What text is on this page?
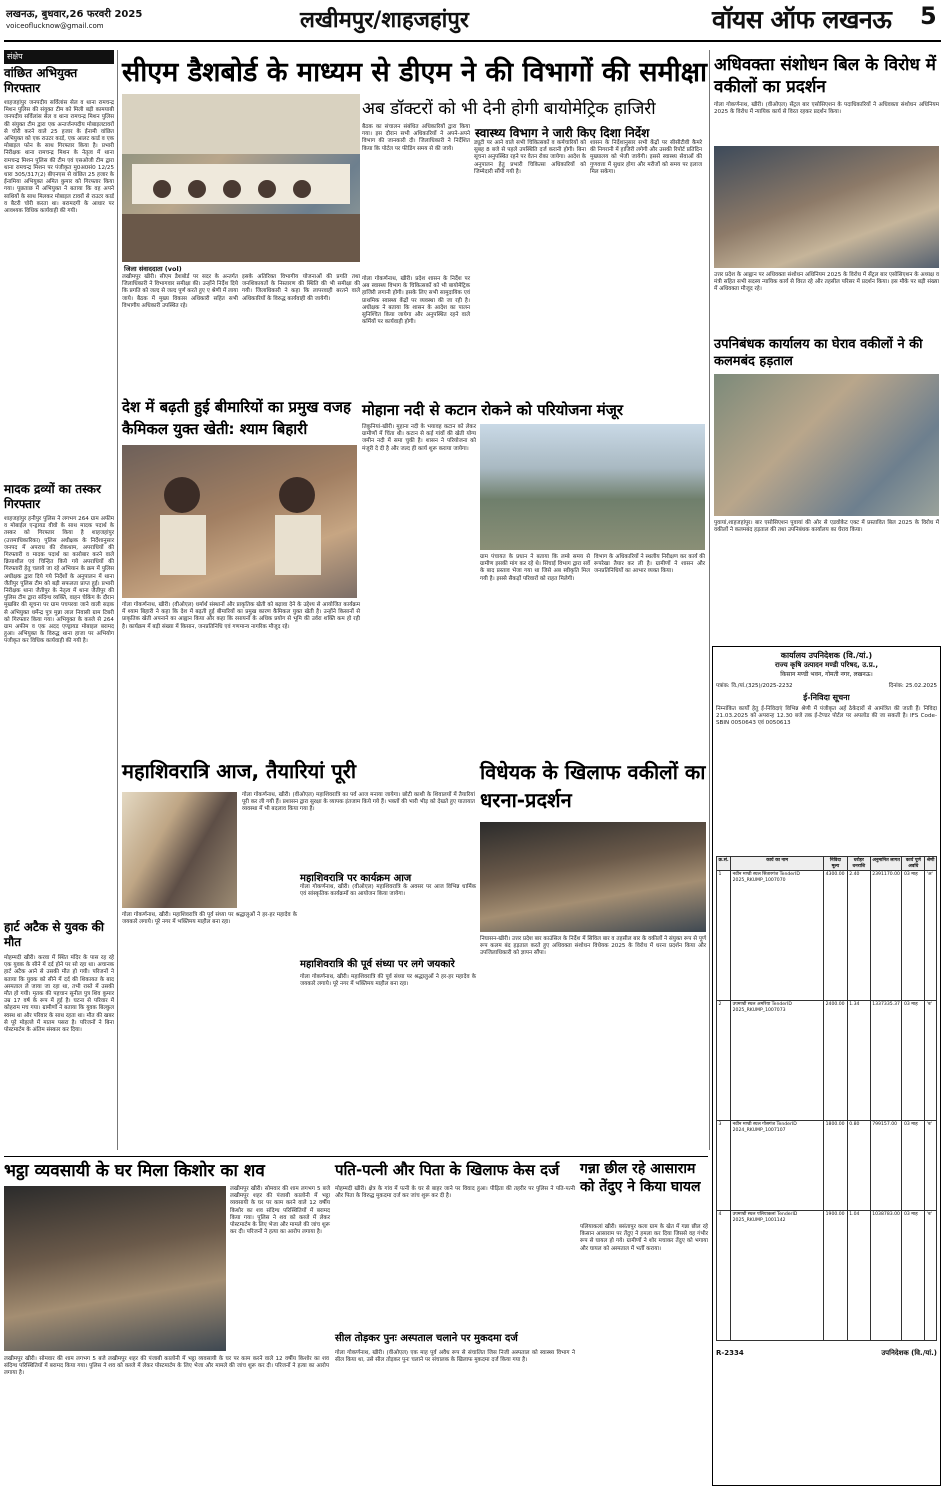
लखनऊ, बुधवार,26 फरवरी 2025
voiceoflucknow@gmail.com	लखीमपुर/शाहजहांपुर	वॉयस ऑफ लखनऊ 5
संक्षेप
वांछित अभियुक्त गिरफ्तार
शाहजहांपुर जनपदीय सर्विलांस सेल व थाना रामचन्द्र मिशन पुलिस की संयुक्त टीम को मिली बड़ी कामयाबी जनपदीय सर्विलांस सेल व थाना रामचन्द्र मिशन पुलिस की संयुक्त टीम द्वारा एक अन्तर्जनपदीय मोबाइलटावरों से चोरी करने वाले 25 हजार के ईनामी वांछित अभियुक्त को एक राउटर कार्ड, एक आलट कार्ड व एक मोबाइल फोन के साथ गिरफ्तार किया है। प्रभारी निरीक्षक थाना रामचन्द्र मिशन के नेतृत्व में थाना रामचन्द्र मिशन पुलिस की टीम एवं एसओजी टीम द्वारा थाना रामचन्द्र मिशन पर पंजीकृत मु0अ0सं0 12/25 धारा 305/317(2) बीएनएस से वांछित 25 हजार के ईनामिया अभियुक्त अमित कुमार को गिरफ्तार किया गया। पूछताछ में अभियुक्त ने बताया कि वह अपने साथियों के साथ मिलकर मोबाइल टावरों से राउटर कार्ड व बैटरी चोरी करता था। बरामदगी के आधार पर आवश्यक विधिक कार्यवाही की गयी।
मादक द्रव्यों का तस्कर गिरफ्तार
शाहजहांपुर हनीपुर पुलिस ने लगभग 264 ग्राम अफीम व मोबाईल एन्ड्रायड वीवो के साथ मादक पदार्थ के तस्कर को गिरफ्तार किया है शाहजहांपुर (उत्तमाधिकारिका) पुलिस अधीक्षक के निर्देशानुसार जनपद में अपराध की रोकथाम, अपराधियों की गिरफ्तारी व मादक पदार्थ का कारोबार करने वाले क्रियाशील एवं चिन्हित किये गये अपराधियों की गिरफ्तारी हेतु चलाये जा रहे अभियान के क्रम में पुलिस अधीक्षक द्वारा दिये गये निर्देशों के अनुपालन में थाना जैतीपुर पुलिस टीम को बड़ी सफलता प्राप्त हुई। प्रभारी निरीक्षक थाना जैतीपुर के नेतृत्व में थाना जैतीपुर की पुलिस टीम द्वारा संदिग्ध व्यक्ति, वाहन चेकिंग के दौरान मुखबिर की सूचना पर ग्राम पचपरवा जाने वाली सड़क से अभियुक्त धर्मेन्द्र पुत्र मुन्ना लाल निवासी ग्राम टिबरी को गिरफ्तार किया गया। अभियुक्त के कब्जे से 264 ग्राम अफीम व एक अदद एण्ड्रायड मोबाइल बरामद हुआ। अभियुक्त के विरुद्ध थाना हाजा पर अभियोग पंजीकृत कर विधिक कार्यवाही की गयी है।
हार्ट अटैक से युवक की मौत
मोहम्मदी खीरी। करवा में स्थित मंदिर के पास रह रहे एक युवक के सीने में दर्द होने पर सो रहा था। अचानक हार्ट अटैक आने से उसकी मौत हो गयी। परिजनों ने बताया कि युवक को सीने में दर्द की शिकायत के बाद अस्पताल ले जाया जा रहा था, तभी रास्ते में उसकी मौत हो गयी। मृतक की पहचान सुनील पुत्र शिव कुमार उम्र 17 वर्ष के रूप में हुई है। घटना से परिवार में कोहराम मच गया। ग्रामीणों ने बताया कि युवक बिल्कुल स्वस्थ था और परिवार के साथ रहता था। मौत की खबर से पूरे मोहल्ले में मातम पसरा है। परिजनों ने बिना पोस्टमार्टम के अंतिम संस्कार कर दिया।
सीएम डैशबोर्ड के माध्यम से डीएम ने की विभागों की समीक्षा
जिला संवाददाता (vol)
लखीमपुर खीरी। सीएम डैशबोर्ड पर सदर के अन्तर्गत जिलाधिकारी ने विभागवार समीक्षा की। उन्होंने निर्देश दिये कि प्रगति को जल्द से जल्द पूर्ण करते हुए ए श्रेणी में लाया जाये। बैठक में मुख्य विकास अधिकारी सहित सभी विभागीय अधिकारी उपस्थित रहे।
इसके अतिरिक्त विभागीय योजनाओं की प्रगति तथा जनशिकायतों के निस्तारण की स्थिति की भी समीक्षा की गयी। जिलाधिकारी ने कहा कि लापरवाही बरतने वाले अधिकारियों के विरुद्ध कार्यवाही की जायेगी।
अब डॉक्टरों को भी देनी होगी बायोमेट्रिक हाजिरी
स्वास्थ्य विभाग ने जारी किए दिशा निर्देश
बैठक का संचालन संबंधित अधिकारियों द्वारा किया गया। इस दौरान सभी अधिकारियों ने अपने-अपने विभाग की जानकारी दी। जिलाधिकारी ने निर्देशित किया कि पोर्टल पर फीडिंग समय से की जाये।
गोला गोकर्णनाथ, खीरी। प्रदेश शासन के निर्देश पर अब स्वास्थ्य विभाग के चिकित्सकों को भी बायोमेट्रिक हाजिरी लगानी होगी। इसके लिए सभी सामुदायिक एवं प्राथमिक स्वास्थ्य केंद्रों पर व्यवस्था की जा रही है। अधीक्षक ने बताया कि शासन के आदेश का पालन सुनिश्चित किया जायेगा और अनुपस्थित रहने वाले कर्मियों पर कार्यवाही होगी।
ड्यूटी पर आने वाले सभी चिकित्सकों व कर्मचारियों को सुबह 8 बजे से पहले उपस्थिति दर्ज करानी होगी। बिना सूचना अनुपस्थित रहने पर वेतन रोका जायेगा। आदेश के अनुपालन हेतु प्रभारी चिकित्सा अधिकारियों को जिम्मेदारी सौंपी गयी है।
शासन के निर्देशानुसार सभी केंद्रों पर सीसीटीवी कैमरे की निगरानी में हाजिरी लगेगी और उसकी रिपोर्ट प्रतिदिन मुख्यालय को भेजी जायेगी। इससे स्वास्थ्य सेवाओं की गुणवत्ता में सुधार होगा और मरीजों को समय पर इलाज मिल सकेगा।
देश में बढ़ती हुई बीमारियों का प्रमुख वजह
कैमिकल युक्त खेती: श्याम बिहारी
गोला गोकर्णनाथ, खीरी। (वीओएल) धर्मार्थ संस्थानों और प्राकृतिक खेती को बढ़ावा देने के उद्देश्य से आयोजित कार्यक्रम में श्याम बिहारी ने कहा कि देश में बढ़ती हुई बीमारियों का प्रमुख कारण कैमिकल युक्त खेती है। उन्होंने किसानों से प्राकृतिक खेती अपनाने का आह्वान किया और कहा कि रसायनों के अधिक प्रयोग से भूमि की उर्वरा शक्ति कम हो रही है। कार्यक्रम में बड़ी संख्या में किसान, जनप्रतिनिधि एवं गणमान्य नागरिक मौजूद रहे।
मोहाना नदी से कटान रोकने को परियोजना मंजूर
तिकुनियां-खीरी। मुहाना नदी के भयावह कटान को लेकर ग्रामीणों में चिंता थी। कटान से कई गांवों की खेती योग्य जमीन नदी में समा चुकी है। शासन ने परियोजना को मंजूरी दे दी है और जल्द ही कार्य शुरू कराया जायेगा।
ग्राम पंचायत के प्रधान ने बताया कि लम्बे समय से ग्रामीण इसकी मांग कर रहे थे। सिंचाई विभाग द्वारा सर्वे के बाद प्रस्ताव भेजा गया था जिसे अब स्वीकृति मिल गयी है। इससे सैकड़ों परिवारों को राहत मिलेगी।
विभाग के अधिकारियों ने स्थलीय निरीक्षण कर कार्य की रूपरेखा तैयार कर ली है। ग्रामीणों ने शासन और जनप्रतिनिधियों का आभार व्यक्त किया।
महाशिवरात्रि आज, तैयारियां पूरी
गोला गोकर्णनाथ, खीरी। (वीओएल) महाशिवरात्रि का पर्व आज मनाया जायेगा। छोटी काशी के शिवालयों में तैयारियां पूरी कर ली गयी हैं। प्रशासन द्वारा सुरक्षा के व्यापक इंतजाम किये गये हैं। भक्तों की भारी भीड़ को देखते हुए यातायात व्यवस्था में भी बदलाव किया गया है।
गोला गोकर्णनाथ, खीरी। महाशिवरात्रि की पूर्व संध्या पर श्रद्धालुओं ने हर-हर महादेव के जयकारे लगाये। पूरे नगर में भक्तिमय माहौल बना रहा।
महाशिवरात्रि पर कार्यक्रम आज
गोला गोकर्णनाथ, खीरी। (वीओएल) महाशिवरात्रि के अवसर पर आज विभिन्न धार्मिक एवं सांस्कृतिक कार्यक्रमों का आयोजन किया जायेगा।
महाशिवरात्रि की पूर्व संध्या पर लगे जयकारे
गोला गोकर्णनाथ, खीरी। महाशिवरात्रि की पूर्व संध्या पर श्रद्धालुओं ने हर-हर महादेव के जयकारे लगाये। पूरे नगर में भक्तिमय माहौल बना रहा।
विधेयक के खिलाफ वकीलों का धरना-प्रदर्शन
निघासन-खीरी। उत्तर प्रदेश बार काउंसिल के निर्देश में सिविल बार व तहसील बार के वकीलों ने संयुक्त रूप से पूर्ण रूप कलम बंद हड़ताल करते हुए अधिवक्ता संशोधन विधेयक 2025 के विरोध में धरना प्रदर्शन किया और उपजिलाधिकारी को ज्ञापन सौंपा।
अधिवक्ता संशोधन बिल के विरोध में वकीलों का प्रदर्शन
गोला गोकर्णनाथ, खीरी। (वीओएल) सेंट्रल बार एसोसिएशन के पदाधिकारियों ने अधिवक्ता संशोधन अधिनियम 2025 के विरोध में न्यायिक कार्य से विरत रहकर प्रदर्शन किया।
उत्तर प्रदेश के आह्वान पर अधिवक्ता संशोधन अधिनियम 2025 के विरोध में सेंट्रल बार एसोसिएशन के अध्यक्ष व मंत्री सहित सभी सदस्य न्यायिक कार्य से विरत रहे और तहसील परिसर में प्रदर्शन किया। इस मौके पर बड़ी संख्या में अधिवक्ता मौजूद रहे।
उपनिबंधक कार्यालय का घेराव वकीलों ने की कलमबंद हड़ताल
पुवायां,शाहजहांपुर। बार एसोसिएशन पुवायां की ओर से एडवोकेट एक्ट में प्रस्तावित बिल 2025 के विरोध में वकीलों ने कलमबंद हड़ताल की तथा उपनिबंधक कार्यालय का घेराव किया।
कार्यालय उपनिदेशक (वि./यां.)
राज्य कृषि उत्पादन मण्डी परिषद, उ.प्र.,
किसान मण्डी भवन, गोमती नगर, लखनऊ।
पत्रांक: वि./यां.(325)/2025-2232	दिनांक: 25.02.2025
ई-निविदा सूचना
निम्नांकित कार्यों हेतु ई-निविदाएं विभिन्न श्रेणी में पंजीकृत अर्ह ठेकेदारों से आमंत्रित की जाती हैं। निविदा 21.03.2025 को अपरान्ह 12.30 बजे तक ई-टेण्डर पोर्टल पर अपलोड की जा सकती है। IFS Code-SBIN 0050643 एवं 0050613
क्र.सं.	कार्य का नाम	निविदा मूल्य	धरोहर धनराशि	अनुमानित लागत	कार्य पूर्ण अवधि	श्रेणी
1	नवीन मण्डी स्थल सितारगंज TenderID 2025_RKUMP_1007070	4300.00	2.40	2391170.00	03 माह	'अ'
2	उपमण्डी स्थल अमरिया TenderID 2025_RKUMP_1007073	2400.00	1.34	1337335.37	03 माह	'ब'
3	नवीन मण्डी स्थल गौसगंज TenderID 2024_RKUMP_1007107	1800.00	0.80	799157.00	03 माह	'ब'
4	उपमण्डी स्थल पलियाकलां TenderID 2025_RKUMP_1001142	1900.00	1.04	1038783.00	03 माह	'ब'
R-2334	उपनिदेशक (वि./यां.)
भट्ठा व्यवसायी के घर मिला किशोर का शव
लखीमपुर खीरी। सोमवार की शाम लगभग 5 बजे लखीमपुर शहर की पंजाबी कालोनी में भट्ठा व्यवसायी के घर पर काम करने वाले 12 वर्षीय किशोर का शव संदिग्ध परिस्थितियों में बरामद किया गया। पुलिस ने शव को कब्जे में लेकर पोस्टमार्टम के लिए भेजा और मामले की जांच शुरू कर दी। परिजनों ने हत्या का आरोप लगाया है।
लखीमपुर खीरी। सोमवार की शाम लगभग 5 बजे लखीमपुर शहर की पंजाबी कालोनी में भट्ठा व्यवसायी के घर पर काम करने वाले 12 वर्षीय किशोर का शव संदिग्ध परिस्थितियों में बरामद किया गया। पुलिस ने शव को कब्जे में लेकर पोस्टमार्टम के लिए भेजा और मामले की जांच शुरू कर दी। परिजनों ने हत्या का आरोप लगाया है।
पति-पत्नी और पिता के खिलाफ केस दर्ज
मोहम्मदी खीरी। क्षेत्र के गांव में पत्नी के घर से बाहर जाने पर विवाद हुआ। पीड़िता की तहरीर पर पुलिस ने पति-पत्नी और पिता के विरुद्ध मुकदमा दर्ज कर जांच शुरू कर दी है।
सील तोड़कर पुनः अस्पताल चलाने पर मुकदमा दर्ज
गोला गोकर्णनाथ, खीरी। (वीओएल) एक माह पूर्व अवैध रूप से संचालित जिस निजी अस्पताल को स्वास्थ्य विभाग ने सील किया था, उसे सील तोड़कर पुनः चलाने पर संचालक के खिलाफ मुकदमा दर्ज किया गया है।
गन्ना छील रहे आसाराम को तेंदुए ने किया घायल
पलियाकलां खीरी। बसंतापुर कला ग्राम के खेत में गन्ना छील रहे किसान आसाराम पर तेंदुए ने हमला कर दिया जिससे वह गंभीर रूप से घायल हो गये। ग्रामीणों ने शोर मचाकर तेंदुए को भगाया और घायल को अस्पताल में भर्ती कराया।
